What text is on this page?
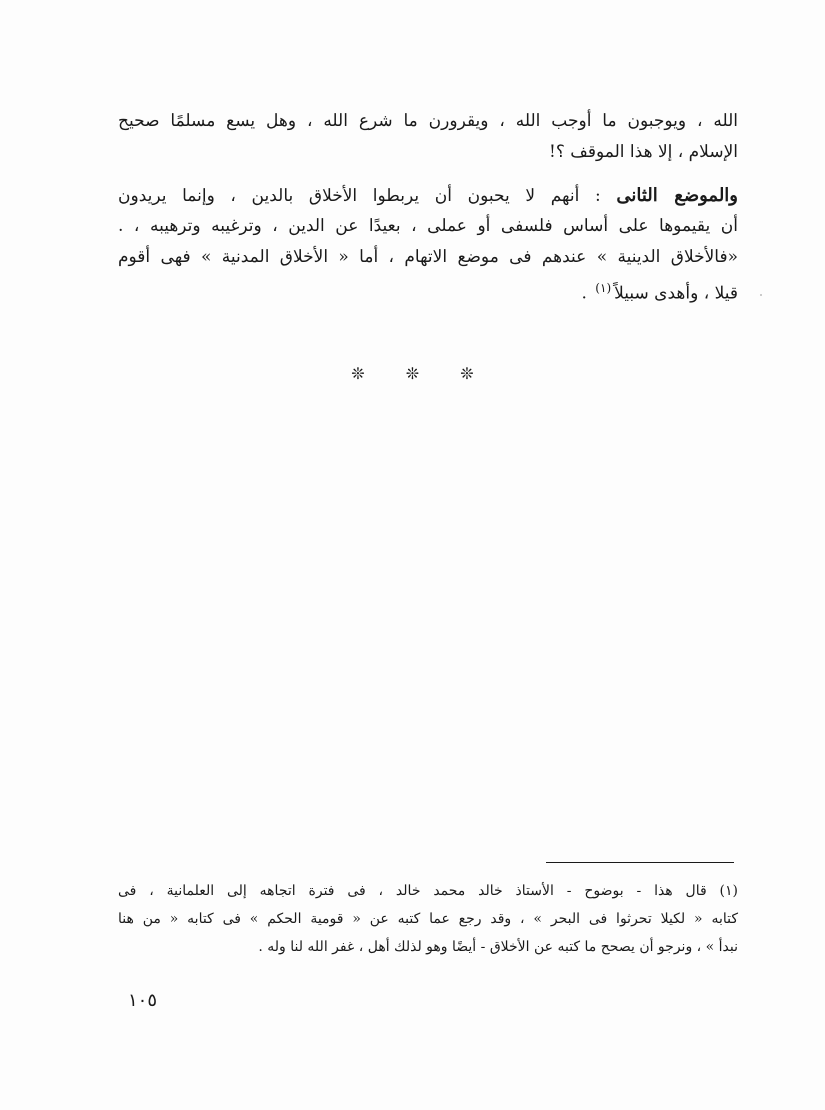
الله ، ويوجبون ما أوجب الله ، ويقرورن ما شرع الله ، وهل يسع مسلمًا صحيح
الإسلام ، إلا هذا الموقف ؟!
والموضع الثانى : أنهم لا يحبون أن يربطوا الأخلاق بالدين ، وإنما يريدون
أن يقيموها على أساس فلسفى أو عملى ، بعيدًا عن الدين ، وترغيبه وترهيبه ، .
«فالأخلاق الدينية » عندهم فى موضع الاتهام ، أما « الأخلاق المدنية » فهى أقوم
قيلا ، وأهدى سبيلاً$^{(١)}$ .
❊	❊	❊
(١) قال هذا - بوضوح - الأستاذ خالد محمد خالد ، فى فترة اتجاهه إلى العلمانية ، فى
كتابه « لكيلا تحرثوا فى البحر » ، وقد رجع عما كتبه عن « قومية الحكم » فى كتابه « من هنا
نبدأ » ، ونرجو أن يصحح ما كتبه عن الأخلاق - أيضًا وهو لذلك أهل ، غفر الله لنا وله .
١٠٥
